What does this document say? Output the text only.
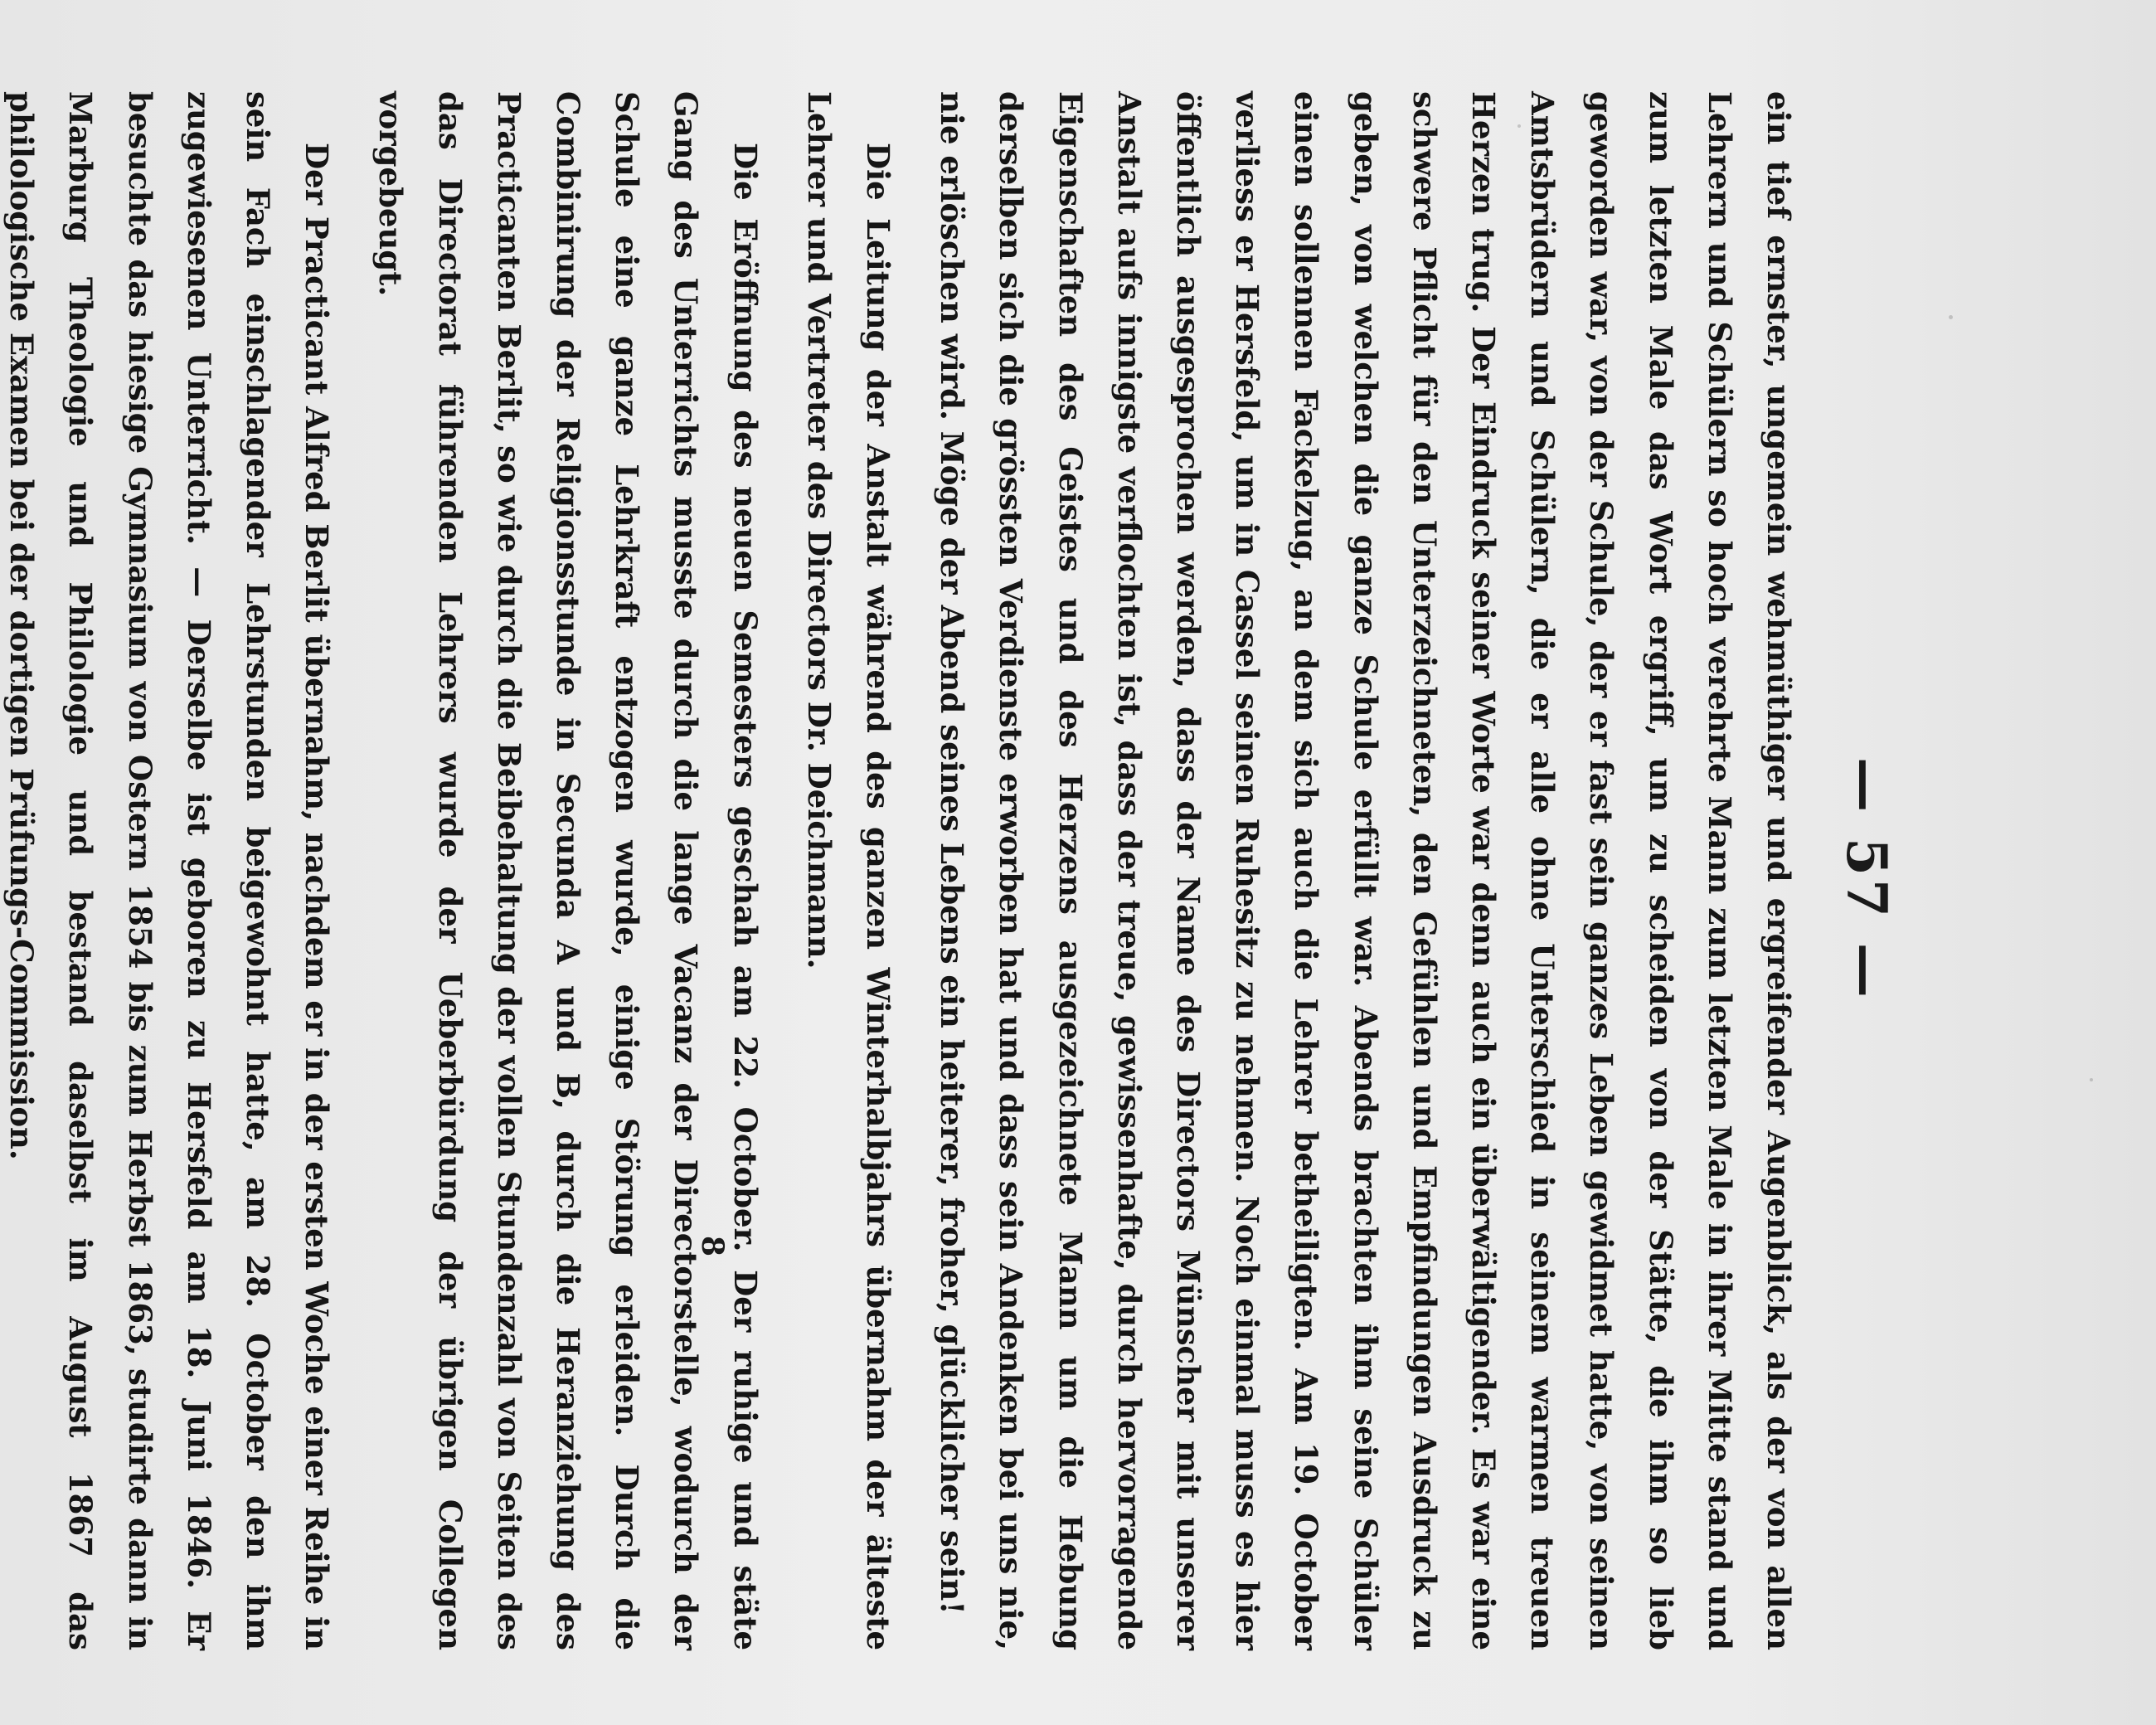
— 57 —

ein tief ernster, ungemein wehmüthiger und ergreifender Augenblick, als der von allen Lehrern und Schülern so hoch verehrte Mann zum letzten Male in ihrer Mitte stand und zum letzten Male das Wort ergriff, um zu scheiden von der Stätte, die ihm so lieb geworden war, von der Schule, der er fast sein ganzes Leben gewidmet hatte, von seinen Amtsbrüdern und Schülern, die er alle ohne Unterschied in seinem warmen treuen Herzen trug. Der Eindruck seiner Worte war denn auch ein überwältigender. Es war eine schwere Pflicht für den Unterzeichneten, den Gefühlen und Empfindungen Ausdruck zu geben, von welchen die ganze Schule erfüllt war. Abends brachten ihm seine Schüler einen sollennen Fackelzug, an dem sich auch die Lehrer betheiligten. Am 19. October verliess er Hersfeld, um in Cassel seinen Ruhesitz zu nehmen. Noch einmal muss es hier öffentlich ausgesprochen werden, dass der Name des Directors Münscher mit unserer Anstalt aufs innigste verflochten ist, dass der treue, gewissenhafte, durch hervorragende Eigenschaften des Geistes und des Herzens ausgezeichnete Mann um die Hebung derselben sich die grössten Verdienste erworben hat und dass sein Andenken bei uns nie, nie erlöschen wird. Möge der Abend seines Lebens ein heiterer, froher, glücklicher sein!

Die Leitung der Anstalt während des ganzen Winterhalbjahrs übernahm der älteste Lehrer und Vertreter des Directors Dr. Deichmann.

Die Eröffnung des neuen Semesters geschah am 22. October. Der ruhige und stäte Gang des Unterrichts musste durch die lange Vacanz der Directorstelle, wodurch der Schule eine ganze Lehrkraft entzogen wurde, einige Störung erleiden. Durch die Combinirung der Religionsstunde in Secunda A und B, durch die Heranziehung des Practicanten Berlit, so wie durch die Beibehaltung der vollen Stundenzahl von Seiten des das Directorat führenden Lehrers wurde der Ueberbürdung der übrigen Collegen vorgebeugt.

Der Practicant Alfred Berlit übernahm, nachdem er in der ersten Woche einer Reihe in sein Fach einschlagender Lehrstunden beigewohnt hatte, am 28. October den ihm zugewiesenen Unterricht. — Derselbe ist geboren zu Hersfeld am 18. Juni 1846. Er besuchte das hiesige Gymnasium von Ostern 1854 bis zum Herbst 1863, studirte dann in Marburg Theologie und Philologie und bestand daselbst im August 1867 das philologische Examen bei der dortigen Prüfungs-Commission.

8
